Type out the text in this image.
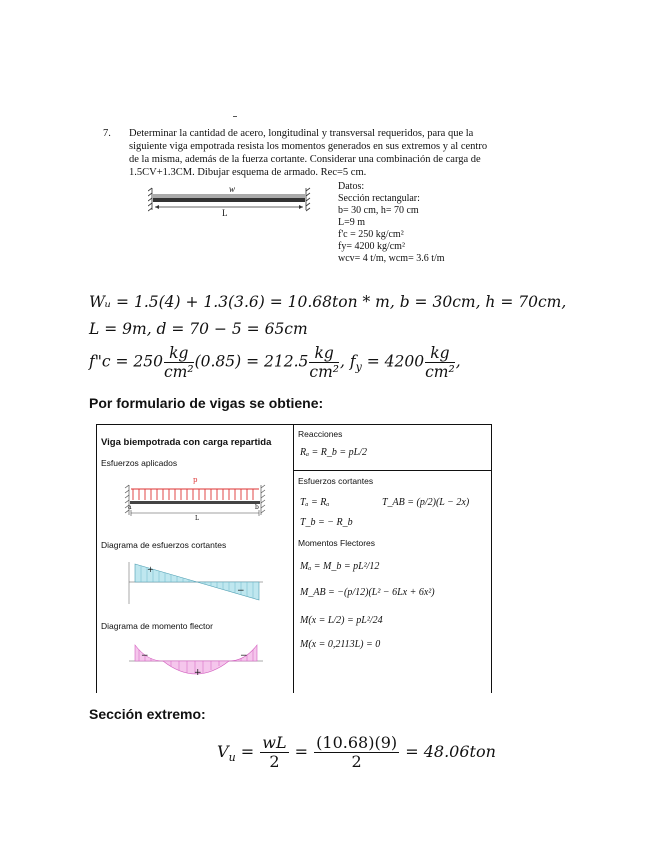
7. Determinar la cantidad de acero, longitudinal y transversal requeridos, para que la
siguiente viga empotrada resista los momentos generados en sus extremos y al centro
de la misma, además de la fuerza cortante. Considerar una combinación de carga de
1.5CV+1.3CM. Dibujar esquema de armado. Rec=5 cm.
w
L
Datos:
Sección rectangular:
b= 30 cm, h= 70 cm
L=9 m
f'c = 250 kg/cm²
fy= 4200 kg/cm²
wcv= 4 t/m, wcm= 3.6 t/m
Wᵤ = 1.5(4) + 1.3(3.6) = 10.68ton * m, b = 30cm, h = 70cm,
L = 9m, d = 70 − 5 = 65cm
f"c = $250 \frac{kg}{\text{cm²}} (0.85) = 212.5 \frac{kg}{\text{cm²}}$ , $f_y = 4200 \frac{kg}{\text{cm²}}$ ,
Por formulario de vigas se obtiene:
Viga biempotrada con carga repartida
Esfuerzos aplicados
p
a	b
L
Diagrama de esfuerzos cortantes
+
−
Diagrama de momento flector
−
+
−
Reacciones
Rₐ = R_b = pL/2
Esfuerzos cortantes
Tₐ = Rₐ	T_AB = (p/2)(L − 2x)
T_b = − R_b
Momentos Flectores
Mₐ = M_b = pL²/12
M_AB = −(p/12)(L² − 6Lx + 6x²)
M(x = L/2) = pL²/24
M(x = 0,2113L) = 0
Sección extremo:
$V_u = \frac{wL}{2} = \frac{(10.68)(9)}{2} = 48.06ton$
